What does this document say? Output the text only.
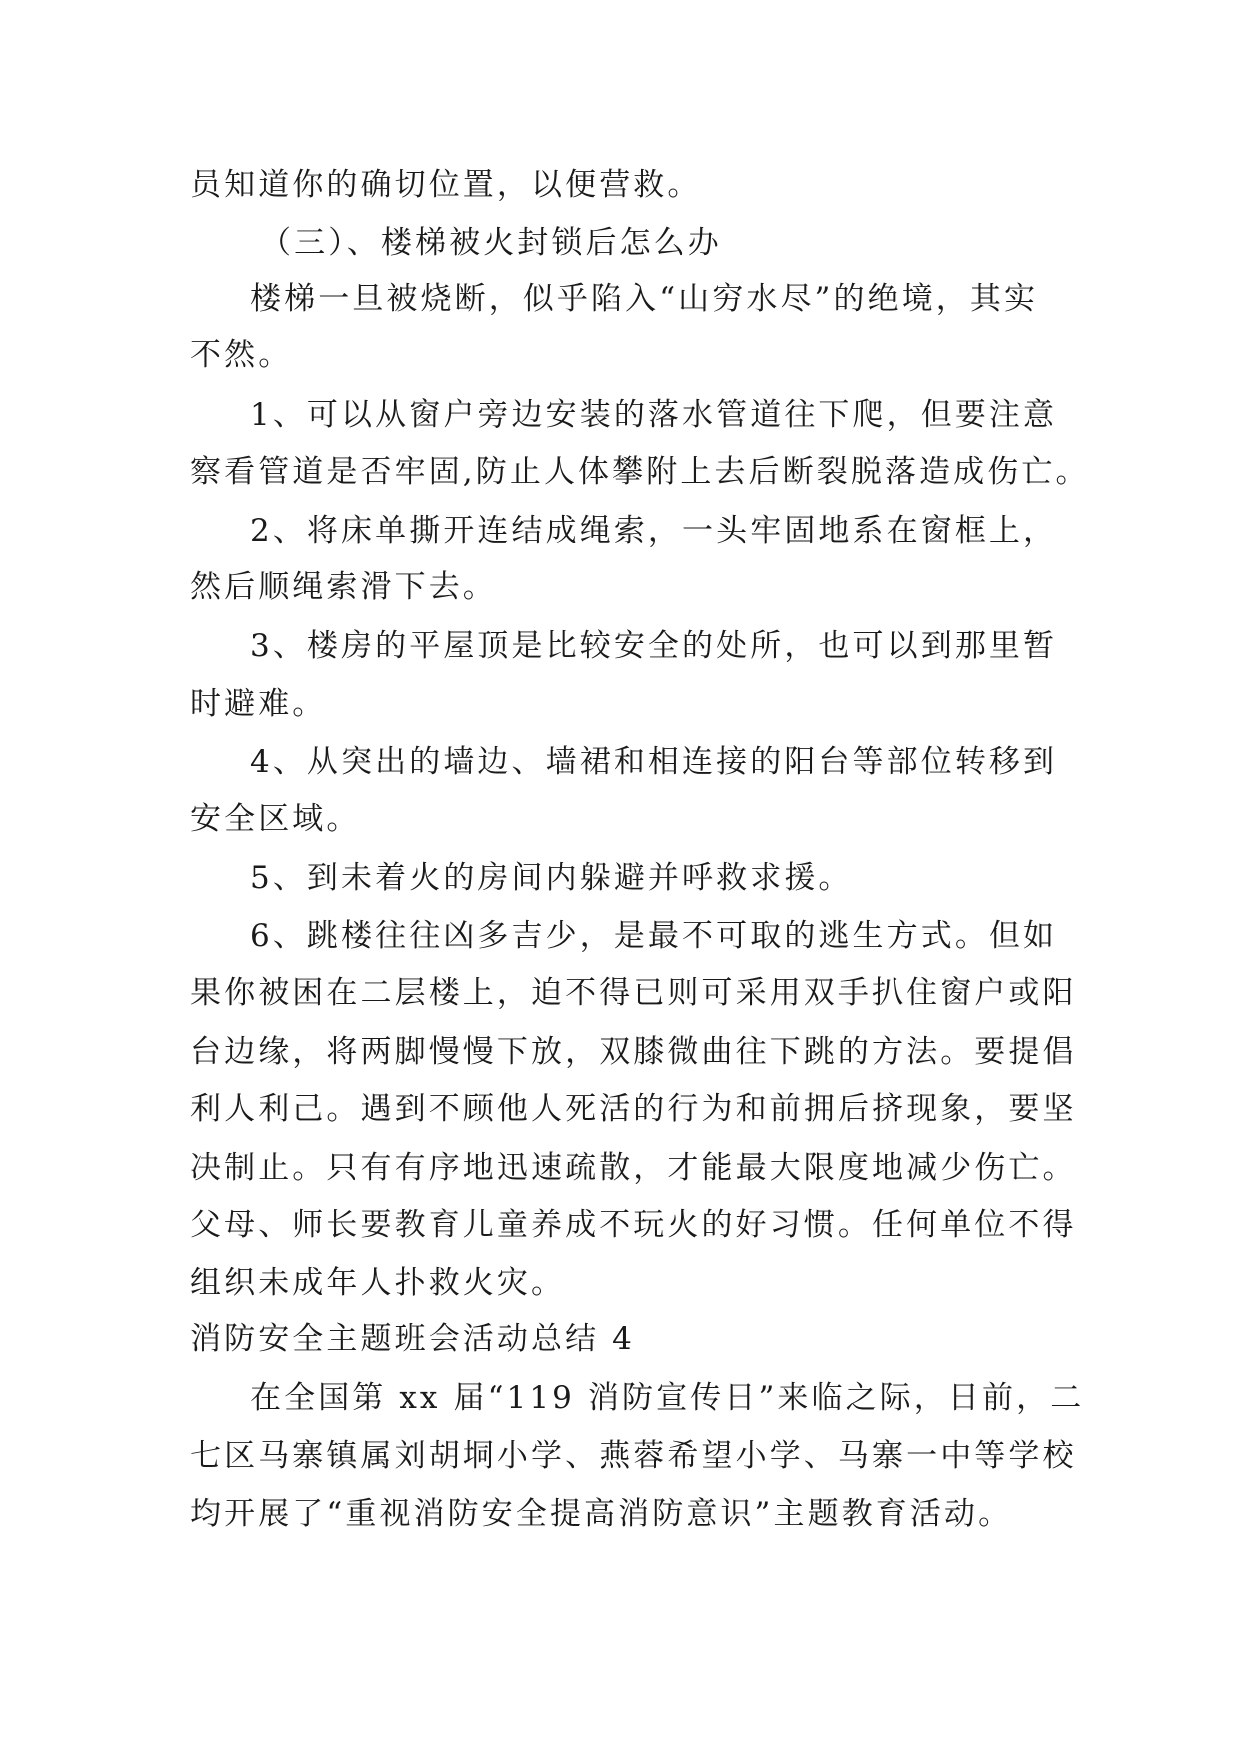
员知道你的确切位置，以便营救。
（三）、楼梯被火封锁后怎么办
楼梯一旦被烧断，似乎陷入“山穷水尽”的绝境，其实
不然。
1、可以从窗户旁边安装的落水管道往下爬，但要注意
察看管道是否牢固,防止人体攀附上去后断裂脱落造成伤亡。
2、将床单撕开连结成绳索，一头牢固地系在窗框上，
然后顺绳索滑下去。
3、楼房的平屋顶是比较安全的处所，也可以到那里暂
时避难。
4、从突出的墙边、墙裙和相连接的阳台等部位转移到
安全区域。
5、到未着火的房间内躲避并呼救求援。
6、跳楼往往凶多吉少，是最不可取的逃生方式。但如
果你被困在二层楼上，迫不得已则可采用双手扒住窗户或阳
台边缘，将两脚慢慢下放，双膝微曲往下跳的方法。要提倡
利人利己。遇到不顾他人死活的行为和前拥后挤现象，要坚
决制止。只有有序地迅速疏散，才能最大限度地减少伤亡。
父母、师长要教育儿童养成不玩火的好习惯。任何单位不得
组织未成年人扑救火灾。
消防安全主题班会活动总结 4
在全国第 xx 届“119 消防宣传日”来临之际，日前，二
七区马寨镇属刘胡垌小学、燕蓉希望小学、马寨一中等学校
均开展了“重视消防安全提高消防意识”主题教育活动。
